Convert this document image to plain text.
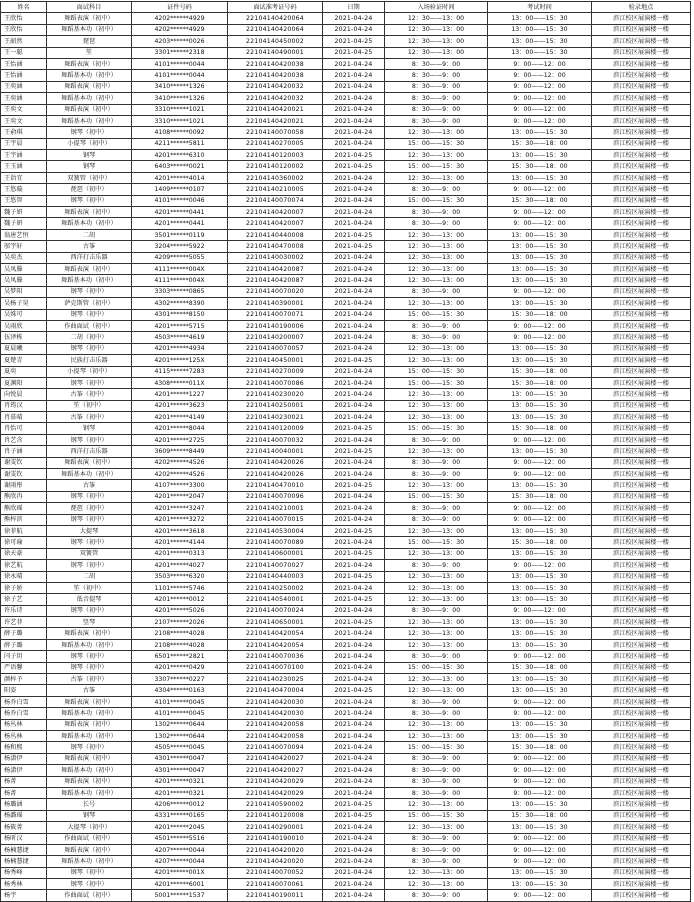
姓名	面试科目	证件号码	面试准考证号码	日期	入场验证时间	考试时间	检录地点
王欣怡	舞蹈表演（初中）	4202******4929	22104140420064	2021-04-24	12：30——13：00	13：00——15：30	滨江校区展演楼一楼
王欣怡	舞蹈基本功（初中）	4202******4929	22104140420064	2021-04-24	12：30——13：00	13：00——15：30	滨江校区展演楼一楼
王韶然	琵琶	4203******0026	22104140450002	2021-04-25	12：30——13：00	13：00——15：30	滨江校区展演楼一楼
王一聪	笙	3301******2318	22104140490001	2021-04-25	12：30——13：00	13：00——15：30	滨江校区展演楼一楼
王怡涵	舞蹈表演（初中）	4101******0044	22104140420038	2021-04-24	8：30——9：00	9：00——12：00	滨江校区展演楼一楼
王怡涵	舞蹈基本功（初中）	4101******0044	22104140420038	2021-04-24	8：30——9：00	9：00——12：00	滨江校区展演楼一楼
王奕涵	舞蹈表演（初中）	3410******1326	22104140420032	2021-04-24	8：30——9：00	9：00——12：00	滨江校区展演楼一楼
王奕涵	舞蹈基本功（初中）	3410******1326	22104140420032	2021-04-24	8：30——9：00	9：00——12：00	滨江校区展演楼一楼
王奕文	舞蹈表演（初中）	3310******1021	22104140420021	2021-04-24	8：30——9：00	9：00——12：00	滨江校区展演楼一楼
王奕文	舞蹈基本功（初中）	3310******1021	22104140420021	2021-04-24	8：30——9：00	9：00——12：00	滨江校区展演楼一楼
王俞琪	钢琴（初中）	4108******0092	22104140070058	2021-04-24	12：30——13：00	13：00——15：30	滨江校区展演楼一楼
王宇晨	小提琴（初中）	4211******5811	22104140270005	2021-04-24	15：00——15：30	15：30——18：00	滨江校区展演楼一楼
王宇涵	钢琴	4201******6310	22104140120003	2021-04-25	12：30——13：00	13：00——15：30	滨江校区展演楼一楼
王玉涵	钢琴	6403******0021	22104140120002	2021-04-25	15：00——15：30	15：30——18：00	滨江校区展演楼一楼
王诣宜	双簧管（初中）	4201******4014	22104140360002	2021-04-24	12：30——13：00	13：00——15：30	滨江校区展演楼一楼
王悠璇	琵琶（初中）	1409******0107	22104140210005	2021-04-24	8：30——9：00	9：00——12：00	滨江校区展演楼一楼
王悠智	钢琴（初中）	4101******0046	22104140070074	2021-04-24	15：00——15：30	15：30——18：00	滨江校区展演楼一楼
魏子妍	舞蹈表演（初中）	4201******0441	22104140420007	2021-04-24	8：30——9：00	9：00——12：00	滨江校区展演楼一楼
魏子妍	舞蹈基本功（初中）	4201******0441	22104140420007	2021-04-24	8：30——9：00	9：00——12：00	滨江校区展演楼一楼
翁唐艺恒	二胡	3501******0119	22104140440008	2021-04-25	12：30——13：00	13：00——15：30	滨江校区展演楼一楼
邬宇轩	古筝	3204******5922	22104140470008	2021-04-25	12：30——13：00	13：00——15：30	滨江校区展演楼一楼
吴奕杰	西洋打击乐器	4209******5055	22104140030002	2021-04-24	12：30——13：00	13：00——15：30	滨江校区展演楼一楼
吴凤滕	舞蹈表演（初中）	4111******004X	22104140420087	2021-04-24	12：30——13：00	13：00——15：30	滨江校区展演楼一楼
吴凤滕	舞蹈基本功（初中）	4111******004X	22104140420087	2021-04-24	12：30——13：00	13：00——15：30	滨江校区展演楼一楼
吴梦阳	钢琴（初中）	3303******0865	22104140070020	2021-04-24	8：30——9：00	9：00——12：00	滨江校区展演楼一楼
吴杨子昊	萨克斯管（初中）	4302******8390	22104140390001	2021-04-24	12：30——13：00	13：00——15：30	滨江校区展演楼一楼
吴姝可	钢琴（初中）	4301******8150	22104140070071	2021-04-24	15：00——15：30	15：30——18：00	滨江校区展演楼一楼
吴雨欣	作曲面试（初中）	4201******5715	22104140190006	2021-04-24	8：30——9：00	9：00——12：00	滨江校区展演楼一楼
伍泽栋	二胡（初中）	4503******4619	22104140200007	2021-04-24	8：30——9：00	9：00——12：00	滨江校区展演楼一楼
夏晨曦	钢琴（初中）	4201******4934	22104140070057	2021-04-24	12：30——13：00	13：00——15：30	滨江校区展演楼一楼
夏楚青	民族打击乐器	4201******125X	22104140450001	2021-04-25	12：30——13：00	13：00——15：30	滨江校区展演楼一楼
夏奕	小提琴（初中）	4115******7283	22104140270009	2021-04-24	15：00——15：30	15：30——18：00	滨江校区展演楼一楼
夏渊阳	钢琴（初中）	4308******011X	22104140070086	2021-04-24	15：00——15：30	15：30——18：00	滨江校区展演楼一楼
向悦晨	古筝（初中）	4201******1227	22104140230020	2021-04-24	12：30——13：00	13：00——15：30	滨江校区展演楼一楼
肖筠汉	笙（初中）	4201******3623	22104140250001	2021-04-24	12：30——13：00	13：00——15：30	滨江校区展演楼一楼
肖慕晴	古筝（初中）	4201******4149	22104140230021	2021-04-24	12：30——13：00	13：00——15：30	滨江校区展演楼一楼
肖怡可	钢琴	4201******8044	22104140120009	2021-04-25	15：00——15：30	15：30——18：00	滨江校区展演楼一楼
肖艺含	钢琴（初中）	4201******2725	22104140070032	2021-04-24	8：30——9：00	9：00——12：00	滨江校区展演楼一楼
肖子涵	西洋打击乐器	3609******8449	22104140040001	2021-04-25	12：30——13：00	13：00——15：30	滨江校区展演楼一楼
谢雯钦	舞蹈表演（初中）	4202******4526	22104140420026	2021-04-24	8：30——9：00	9：00——12：00	滨江校区展演楼一楼
谢雯钦	舞蹈基本功（初中）	4202******4526	22104140420026	2021-04-24	8：30——9：00	9：00——12：00	滨江校区展演楼一楼
谢雨彤	古筝	4107******3300	22104140470010	2021-04-25	12：30——13：00	13：00——15：30	滨江校区展演楼一楼
熊欣冉	钢琴（初中）	4201******2047	22104140070096	2021-04-24	15：00——15：30	15：30——18：00	滨江校区展演楼一楼
熊欣瑶	琵琶（初中）	4201******3247	22104140210001	2021-04-24	8：30——9：00	9：00——12：00	滨江校区展演楼一楼
熊梓滨	钢琴（初中）	4201******3272	22104140070015	2021-04-24	8：30——9：00	9：00——12：00	滨江校区展演楼一楼
徐菲航	大提琴	4201******3618	22104140530004	2021-04-25	12：30——13：00	13：00——15：30	滨江校区展演楼一楼
徐可瑜	钢琴（初中）	4201******4144	22104140070089	2021-04-24	15：00——15：30	15：30——18：00	滨江校区展演楼一楼
徐天豪	双簧管	4201******0313	22104140600001	2021-04-25	12：30——13：00	13：00——15：30	滨江校区展演楼一楼
徐艺航	钢琴（初中）	4201******4027	22104140070027	2021-04-24	8：30——9：00	9：00——12：00	滨江校区展演楼一楼
徐永晴	二胡	3503******6320	22104140440003	2021-04-25	12：30——13：00	13：00——15：30	滨江校区展演楼一楼
徐子娇	笙（初中）	1101******5746	22104140250002	2021-04-24	12：30——13：00	13：00——15：30	滨江校区展演楼一楼
徐子艺	低音提琴	4201******0012	22104140540001	2021-04-25	12：30——13：00	13：00——15：30	滨江校区展演楼一楼
许乐诗	钢琴（初中）	4201******5026	22104140070024	2021-04-24	8：30——9：00	9：00——12：00	滨江校区展演楼一楼
许艺菲	竖琴	2107******2026	22104140650001	2021-04-25	12：30——13：00	13：00——15：30	滨江校区展演楼一楼
薛子璐	舞蹈表演（初中）	2108******4028	22104140420054	2021-04-24	12：30——13：00	13：00——15：30	滨江校区展演楼一楼
薛子璐	舞蹈基本功（初中）	2108******4028	22104140420054	2021-04-24	12：30——13：00	13：00——15：30	滨江校区展演楼一楼
闫子玥	钢琴（初中）	6501******2821	22104140070036	2021-04-24	8：30——9：00	9：00——12：00	滨江校区展演楼一楼
严语馨	钢琴（初中）	4201******0429	22104140070100	2021-04-24	15：00——15：30	15：30——18：00	滨江校区展演楼一楼
颜梓予	古筝（初中）	3307******0227	22104140230025	2021-04-24	12：30——13：00	13：00——15：30	滨江校区展演楼一楼
阳姿	古筝	4304******0163	22104140470004	2021-04-25	12：30——13：00	13：00——15：30	滨江校区展演楼一楼
杨乔白雪	舞蹈表演（初中）	4101******0045	22104140420030	2021-04-24	8：30——9：00	9：00——12：00	滨江校区展演楼一楼
杨乔白雪	舞蹈基本功（初中）	4101******0045	22104140420030	2021-04-24	8：30——9：00	9：00——12：00	滨江校区展演楼一楼
杨丛林	舞蹈表演（初中）	1302******0644	22104140420058	2021-04-24	12：30——13：00	13：00——15：30	滨江校区展演楼一楼
杨丛林	舞蹈基本功（初中）	1302******0644	22104140420058	2021-04-24	12：30——13：00	13：00——15：30	滨江校区展演楼一楼
杨和熙	钢琴（初中）	4505******0045	22104140070094	2021-04-24	15：00——15：30	15：30——18：00	滨江校区展演楼一楼
杨潇伊	舞蹈表演（初中）	4301******0047	22104140420027	2021-04-24	8：30——9：00	9：00——12：00	滨江校区展演楼一楼
杨潇伊	舞蹈基本功（初中）	4301******0047	22104140420027	2021-04-24	8：30——9：00	9：00——12：00	滨江校区展演楼一楼
杨菁	舞蹈表演（初中）	4201******0321	22104140420029	2021-04-24	8：30——9：00	9：00——12：00	滨江校区展演楼一楼
杨菁	舞蹈基本功（初中）	4201******0321	22104140420029	2021-04-24	8：30——9：00	9：00——12：00	滨江校区展演楼一楼
杨璐涵	长号	4206******0012	22104140590002	2021-04-25	12：30——13：00	13：00——15：30	滨江校区展演楼一楼
杨潞瑶	钢琴	4331******0165	22104140120008	2021-04-25	15：00——15：30	15：30——18：00	滨江校区展演楼一楼
杨筱菁	大提琴（初中）	4201******2045	22104140290001	2021-04-24	12：30——13：00	13：00——15：30	滨江校区展演楼一楼
杨昕汉	作曲面试（初中）	4501******5516	22104140190010	2021-04-24	8：30——9：00	9：00——12：00	滨江校区展演楼一楼
杨楠慧捷	舞蹈表演（初中）	4207******0044	22104140420020	2021-04-24	8：30——9：00	9：00——12：00	滨江校区展演楼一楼
杨楠慧捷	舞蹈基本功（初中）	4207******0044	22104140420020	2021-04-24	8：30——9：00	9：00——12：00	滨江校区展演楼一楼
杨秀峰	钢琴（初中）	4201******001X	22104140070052	2021-04-24	12：30——13：00	13：00——15：30	滨江校区展演楼一楼
杨秀林	钢琴（初中）	4201******6001	22104140070061	2021-04-24	12：30——13：00	13：00——15：30	滨江校区展演楼一楼
杨宇	作曲面试（初中）	5001******1537	22104140190011	2021-04-24	8：30——9：00	9：00——12：00	滨江校区展演楼一楼
